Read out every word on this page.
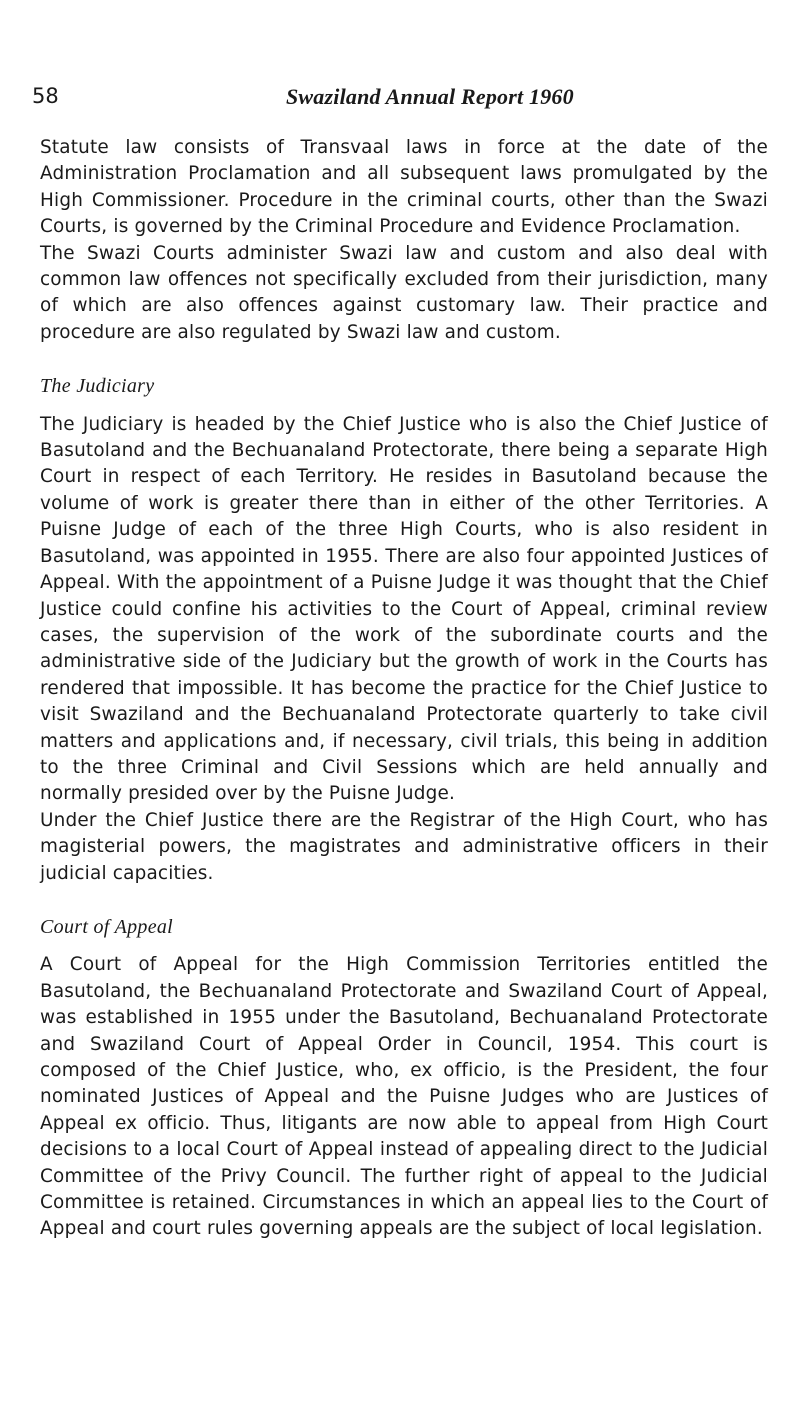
58	Swaziland Annual Report 1960

Statute law consists of Transvaal laws in force at the date of the Administration Proclamation and all subsequent laws promulgated by the High Commissioner. Procedure in the criminal courts, other than the Swazi Courts, is governed by the Criminal Procedure and Evidence Proclamation.

The Swazi Courts administer Swazi law and custom and also deal with common law offences not specifically excluded from their jurisdiction, many of which are also offences against customary law. Their practice and procedure are also regulated by Swazi law and custom.

The Judiciary

The Judiciary is headed by the Chief Justice who is also the Chief Justice of Basutoland and the Bechuanaland Protectorate, there being a separate High Court in respect of each Territory. He resides in Basutoland because the volume of work is greater there than in either of the other Territories. A Puisne Judge of each of the three High Courts, who is also resident in Basutoland, was appointed in 1955. There are also four appointed Justices of Appeal. With the appointment of a Puisne Judge it was thought that the Chief Justice could confine his activities to the Court of Appeal, criminal review cases, the supervision of the work of the subordinate courts and the administrative side of the Judiciary but the growth of work in the Courts has rendered that impossible. It has become the practice for the Chief Justice to visit Swaziland and the Bechuanaland Protectorate quarterly to take civil matters and applications and, if necessary, civil trials, this being in addition to the three Criminal and Civil Sessions which are held annually and normally presided over by the Puisne Judge.

Under the Chief Justice there are the Registrar of the High Court, who has magisterial powers, the magistrates and administrative officers in their judicial capacities.

Court of Appeal

A Court of Appeal for the High Commission Territories entitled the Basutoland, the Bechuanaland Protectorate and Swaziland Court of Appeal, was established in 1955 under the Basutoland, Bechuanaland Protectorate and Swaziland Court of Appeal Order in Council, 1954. This court is composed of the Chief Justice, who, ex officio, is the President, the four nominated Justices of Appeal and the Puisne Judges who are Justices of Appeal ex officio. Thus, litigants are now able to appeal from High Court decisions to a local Court of Appeal instead of appealing direct to the Judicial Committee of the Privy Council. The further right of appeal to the Judicial Committee is retained. Circumstances in which an appeal lies to the Court of Appeal and court rules governing appeals are the subject of local legislation.
